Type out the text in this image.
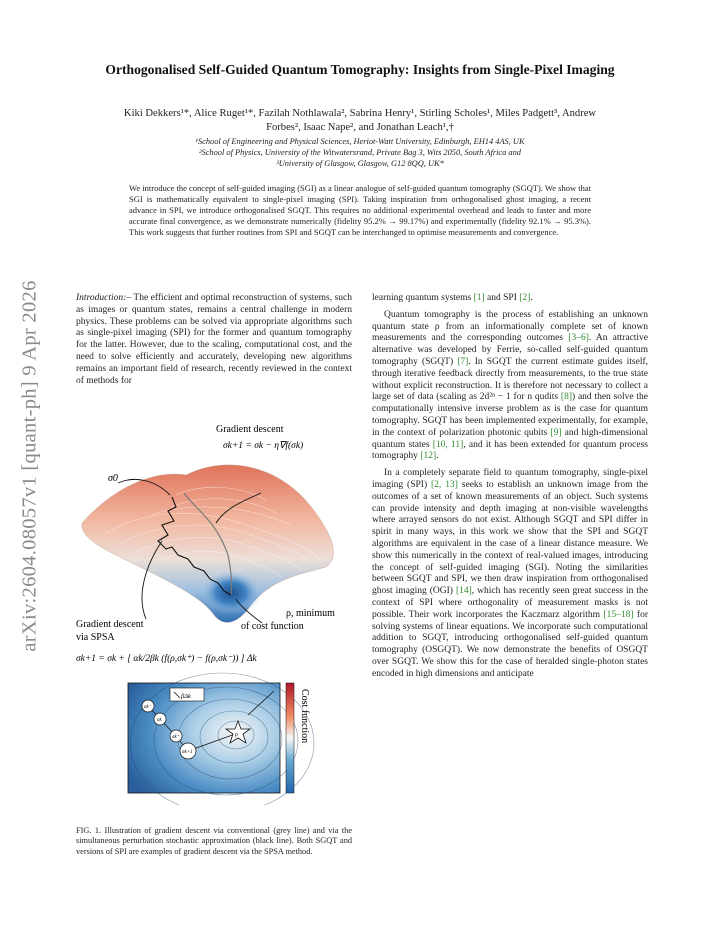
arXiv:2604.08057v1 [quant-ph] 9 Apr 2026
Orthogonalised Self-Guided Quantum Tomography: Insights from Single-Pixel Imaging
Kiki Dekkers¹*, Alice Ruget¹*, Fazilah Nothlawala², Sabrina Henry¹, Stirling Scholes¹, Miles Padgett³, Andrew Forbes², Isaac Nape², and Jonathan Leach¹,†
¹School of Engineering and Physical Sciences, Heriot-Watt University, Edinburgh, EH14 4AS, UK
²School of Physics, University of the Witwatersrand, Private Bag 3, Wits 2050, South Africa and
³University of Glasgow, Glasgow, G12 8QQ, UK*
We introduce the concept of self-guided imaging (SGI) as a linear analogue of self-guided quantum tomography (SGQT). We show that SGI is mathematically equivalent to single-pixel imaging (SPI). Taking inspiration from orthogonalised ghost imaging, a recent advance in SPI, we introduce orthogonalised SGQT. This requires no additional experimental overhead and leads to faster and more accurate final convergence, as we demonstrate numerically (fidelity 95.2% → 99.17%) and experimentally (fidelity 92.1% → 95.3%). This work suggests that further routines from SPI and SGQT can be interchanged to optimise measurements and convergence.

Introduction:– The efficient and optimal reconstruction of systems, such as images or quantum states, remains a central challenge in modern physics. These problems can be solved via appropriate algorithms such as single-pixel imaging (SPI) for the former and quantum tomography for the latter. However, due to the scaling, computational cost, and the need to solve efficiently and accurately, developing new algorithms remains an important field of research, recently reviewed in the context of methods for

Gradient descent
σk+1 = σk − η∇f(σk)
σ0
Gradient descent
via SPSA
ρ, minimum
of cost function
σk+1 = σk + [ αk/2βk (f(ρ,σk⁺) − f(ρ,σk⁻)) ] Δk
βΔk
σk⁻
σk
σk⁺
σk+1
ρ	Cost function
FIG. 1. Illustration of gradient descent via conventional (grey line) and via the simultaneous perturbation stochastic approximation (black line). Both SGQT and versions of SPI are examples of gradient descent via the SPSA method.

learning quantum systems [1] and SPI [2].

Quantum tomography is the process of establishing an unknown quantum state ρ from an informationally complete set of known measurements and the corresponding outcomes [3–6]. An attractive alternative was developed by Ferrie, so-called self-guided quantum tomography (SGQT) [7]. In SGQT the current estimate guides itself, through iterative feedback directly from measurements, to the true state without explicit reconstruction. It is therefore not necessary to collect a large set of data (scaling as 2d²ⁿ − 1 for n qudits [8]) and then solve the computationally intensive inverse problem as is the case for quantum tomography. SGQT has been implemented experimentally, for example, in the context of polarization photonic qubits [9] and high-dimensional quantum states [10, 11], and it has been extended for quantum process tomography [12].

In a completely separate field to quantum tomography, single-pixel imaging (SPI) [2, 13] seeks to establish an unknown image from the outcomes of a set of known measurements of an object. Such systems can provide intensity and depth imaging at non-visible wavelengths where arrayed sensors do not exist. Although SGQT and SPI differ in spirit in many ways, in this work we show that the SPI and SGQT algorithms are equivalent in the case of a linear distance measure. We show this numerically in the context of real-valued images, introducing the concept of self-guided imaging (SGI). Noting the similarities between SGQT and SPI, we then draw inspiration from orthogonalised ghost imaging (OGI) [14], which has recently seen great success in the context of SPI where orthogonality of measurement masks is not possible. Their work incorporates the Kaczmarz algorithm [15–18] for solving systems of linear equations. We incorporate such computational addition to SGQT, introducing orthogonalised self-guided quantum tomography (OSGQT). We now demonstrate the benefits of OSGQT over SGQT. We show this for the case of heralded single-photon states encoded in high dimensions and anticipate
